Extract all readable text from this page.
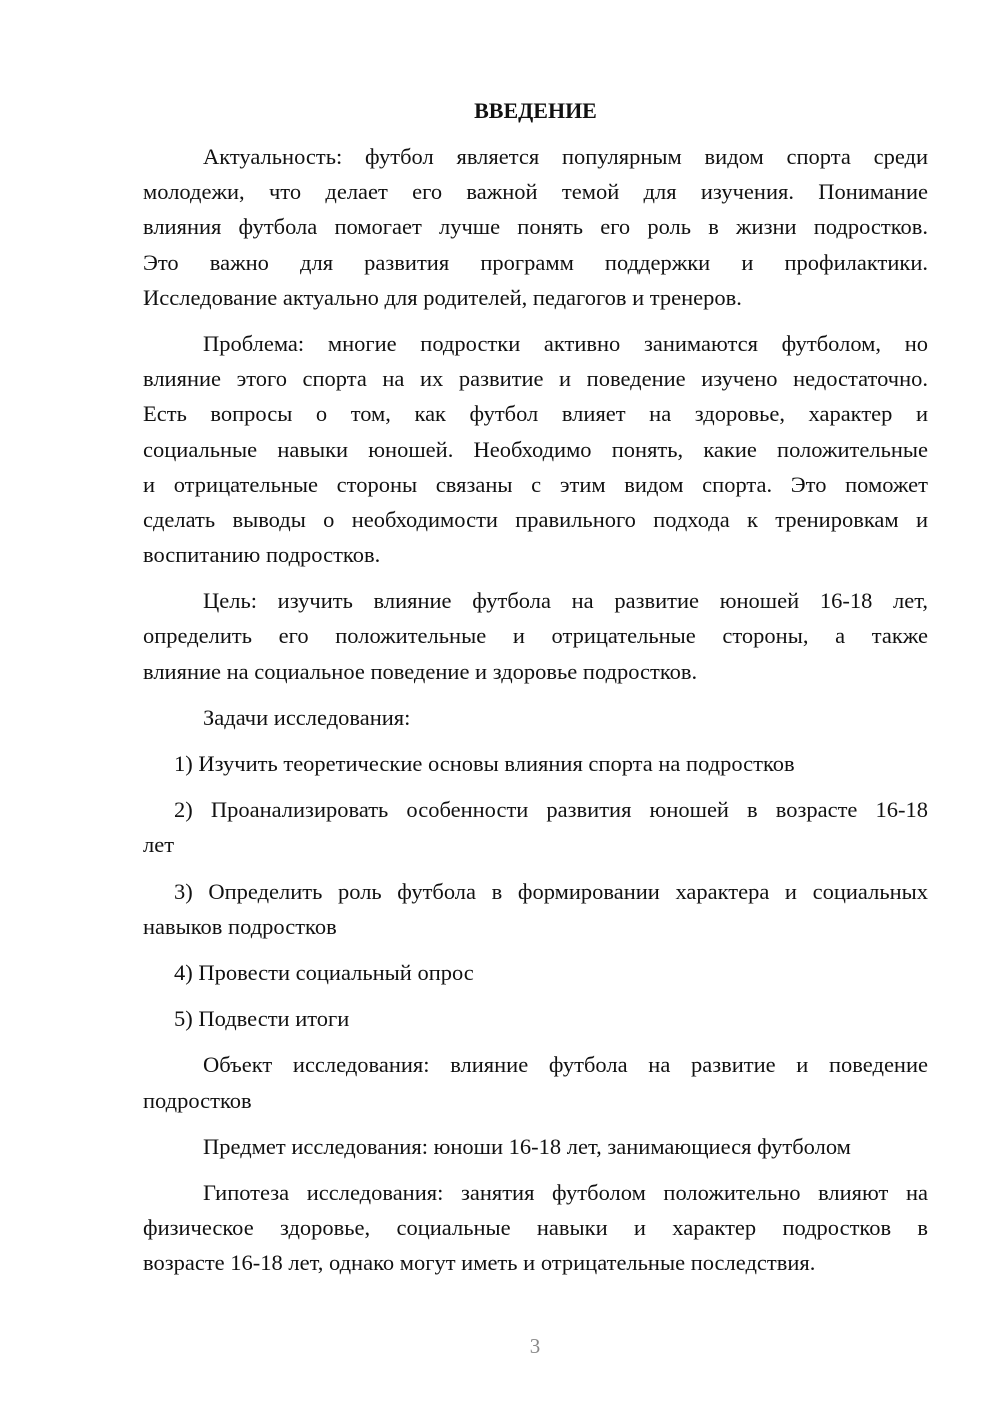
ВВЕДЕНИЕ
Актуальность: футбол является популярным видом спорта среди
молодежи, что делает его важной темой для изучения. Понимание
влияния футбола помогает лучше понять его роль в жизни подростков.
Это важно для развития программ поддержки и профилактики.
Исследование актуально для родителей, педагогов и тренеров.
Проблема: многие подростки активно занимаются футболом, но
влияние этого спорта на их развитие и поведение изучено недостаточно.
Есть вопросы о том, как футбол влияет на здоровье, характер и
социальные навыки юношей. Необходимо понять, какие положительные
и отрицательные стороны связаны с этим видом спорта. Это поможет
сделать выводы о необходимости правильного подхода к тренировкам и
воспитанию подростков.
Цель: изучить влияние футбола на развитие юношей 16-18 лет,
определить его положительные и отрицательные стороны, а также
влияние на социальное поведение и здоровье подростков.
Задачи исследования:
1) Изучить теоретические основы влияния спорта на подростков
2) Проанализировать особенности развития юношей в возрасте 16-18
лет
3) Определить роль футбола в формировании характера и социальных
навыков подростков
4) Провести социальный опрос
5) Подвести итоги
Объект исследования: влияние футбола на развитие и поведение
подростков
Предмет исследования: юноши 16-18 лет, занимающиеся футболом
Гипотеза исследования: занятия футболом положительно влияют на
физическое здоровье, социальные навыки и характер подростков в
возрасте 16-18 лет, однако могут иметь и отрицательные последствия.
3
